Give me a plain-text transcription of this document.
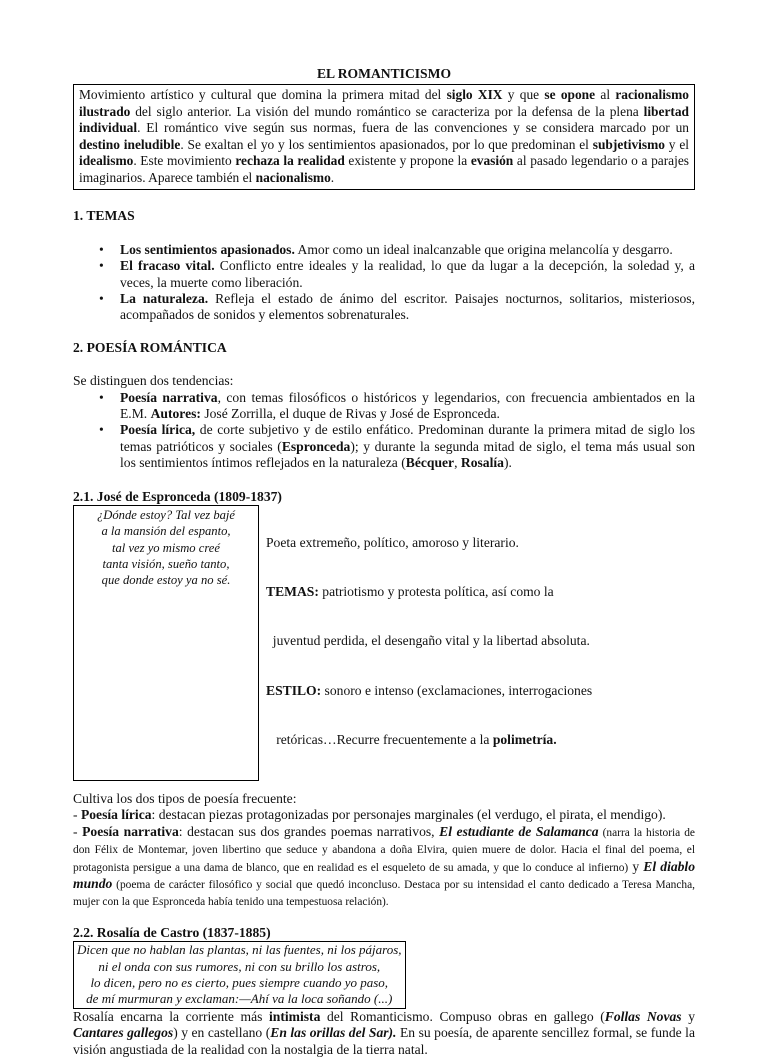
EL ROMANTICISMO
Movimiento artístico y cultural que domina la primera mitad del siglo XIX y que se opone al racionalismo ilustrado del siglo anterior. La visión del mundo romántico se caracteriza por la defensa de la plena libertad individual. El romántico vive según sus normas, fuera de las convenciones y se considera marcado por un destino ineludible. Se exaltan el yo y los sentimientos apasionados, por lo que predominan el subjetivismo y el idealismo. Este movimiento rechaza la realidad existente y propone la evasión al pasado legendario o a parajes imaginarios. Aparece también el nacionalismo.
1. TEMAS
• Los sentimientos apasionados. Amor como un ideal inalcanzable que origina melancolía y desgarro.
• El fracaso vital. Conflicto entre ideales y la realidad, lo que da lugar a la decepción, la soledad y, a veces, la muerte como liberación.
• La naturaleza. Refleja el estado de ánimo del escritor. Paisajes nocturnos, solitarios, misteriosos, acompañados de sonidos y elementos sobrenaturales.
2. POESÍA ROMÁNTICA
Se distinguen dos tendencias:
• Poesía narrativa, con temas filosóficos o históricos y legendarios, con frecuencia ambientados en la E.M. Autores: José Zorrilla, el duque de Rivas y José de Espronceda.
• Poesía lírica, de corte subjetivo y de estilo enfático. Predominan durante la primera mitad de siglo los temas patrióticos y sociales (Espronceda); y durante la segunda mitad de siglo, el tema más usual son los sentimientos íntimos reflejados en la naturaleza (Bécquer, Rosalía).
2.1. José de Espronceda (1809-1837)
¿Dónde estoy? Tal vez bajé
a la mansión del espanto,
tal vez yo mismo creé
tanta visión, sueño tanto,
que donde estoy ya no sé.

Poeta extremeño, político, amoroso y literario.

TEMAS: patriotismo y protesta política, así como la

juventud perdida, el desengaño vital y la libertad absoluta.

ESTILO: sonoro e intenso (exclamaciones, interrogaciones

retóricas…Recurre frecuentemente a la polimetría.

Cultiva los dos tipos de poesía frecuente:
- Poesía lírica: destacan piezas protagonizadas por personajes marginales (el verdugo, el pirata, el mendigo).
- Poesía narrativa: destacan sus dos grandes poemas narrativos, El estudiante de Salamanca (narra la historia de don Félix de Montemar, joven libertino que seduce y abandona a doña Elvira, quien muere de dolor. Hacia el final del poema, el protagonista persigue a una dama de blanco, que en realidad es el esqueleto de su amada, y que lo conduce al infierno) y El diablo mundo (poema de carácter filosófico y social que quedó inconcluso. Destaca por su intensidad el canto dedicado a Teresa Mancha, mujer con la que Espronceda había tenido una tempestuosa relación).
2.2. Rosalía de Castro (1837-1885)
Dicen que no hablan las plantas, ni las fuentes, ni los pájaros,
ni el onda con sus rumores, ni con su brillo los astros,
lo dicen, pero no es cierto, pues siempre cuando yo paso,
de mí murmuran y exclaman:—Ahí va la loca soñando (...)
Rosalía encarna la corriente más intimista del Romanticismo. Compuso obras en gallego (Follas Novas y Cantares gallegos) y en castellano (En las orillas del Sar). En su poesía, de aparente sencillez formal, se funde la visión angustiada de la realidad con la nostalgia de la tierra natal.
